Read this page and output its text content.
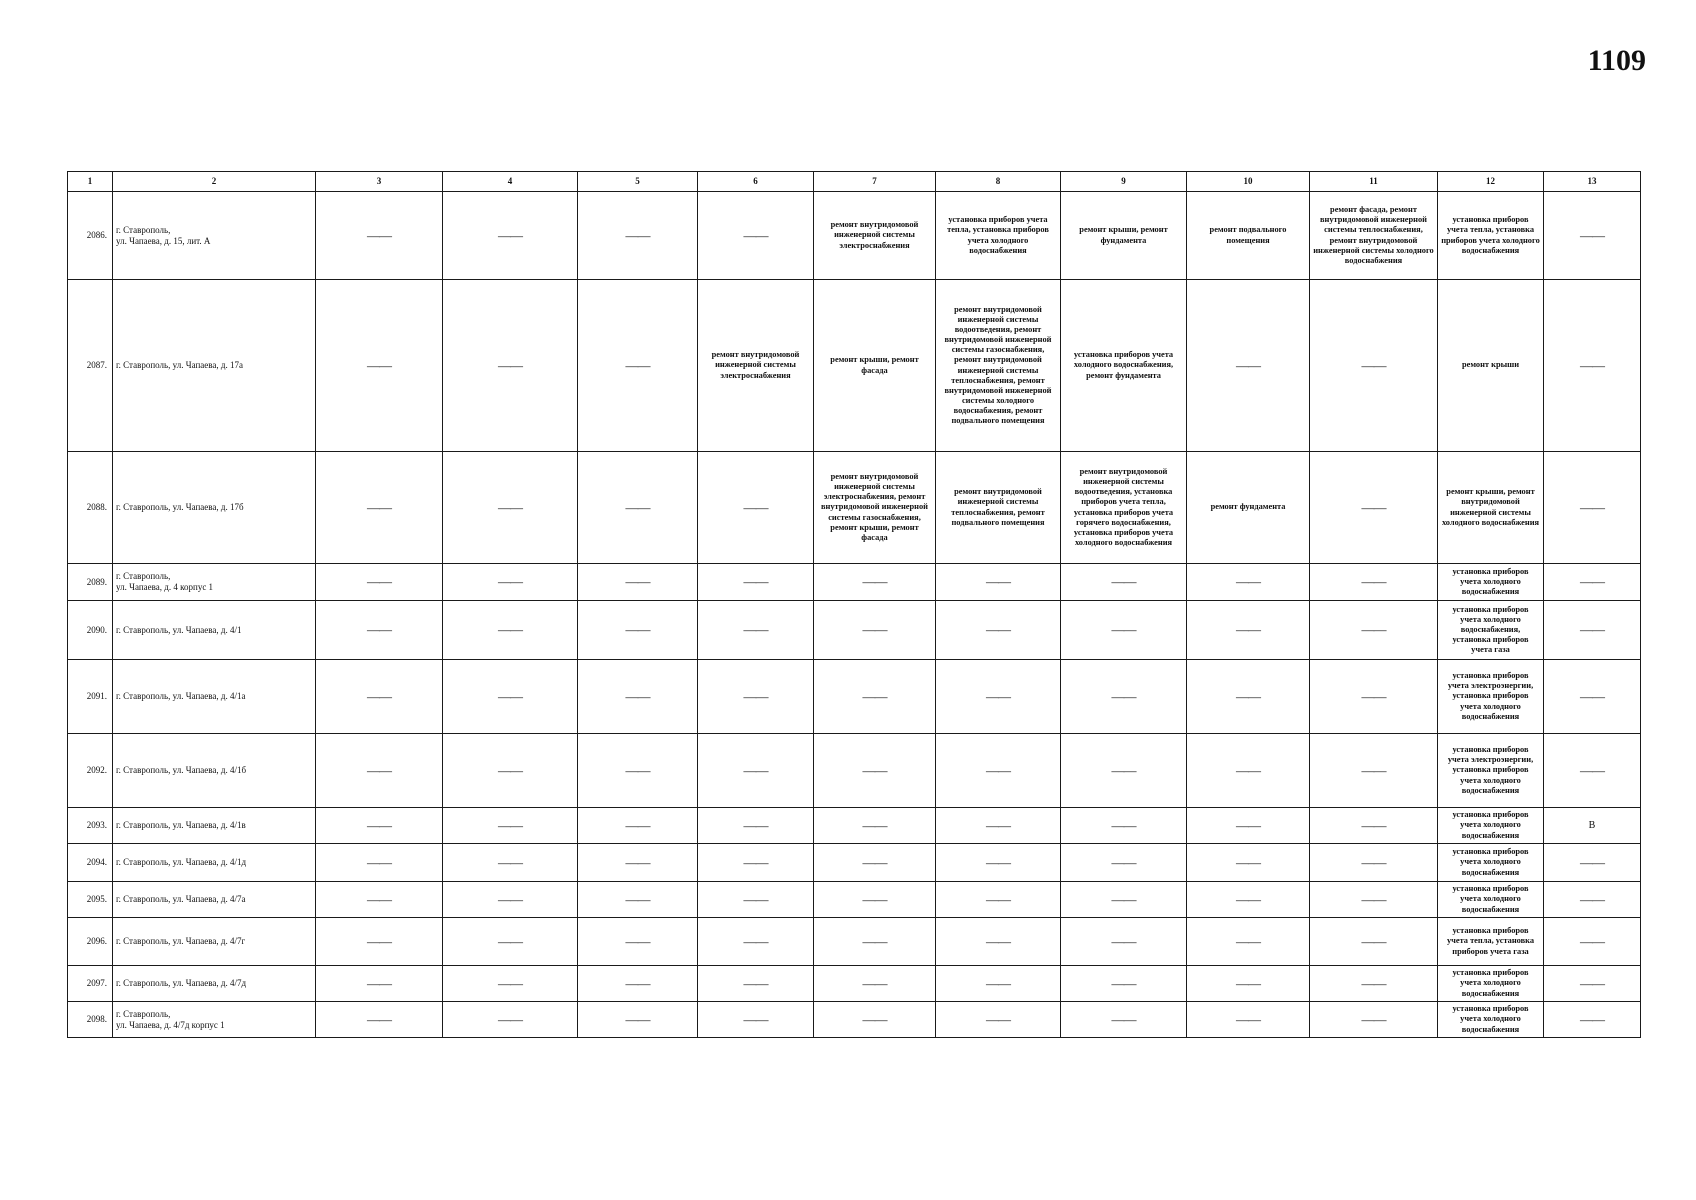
1109
1	2	3	4	5	6	7	8	9	10	11	12	13
2086.	г. Ставрополь,
ул. Чапаева, д. 15, лит. А	——	——	——	——	ремонт внутридомовой инженерной системы электроснабжения	установка приборов учета тепла, установка приборов учета холодного водоснабжения	ремонт крыши, ремонт фундамента	ремонт подвального помещения	ремонт фасада, ремонт внутридомовой инженерной системы теплоснабжения, ремонт внутридомовой инженерной системы холодного водоснабжения	установка приборов учета тепла, установка приборов учета холодного водоснабжения	——
2087.	г. Ставрополь, ул. Чапаева, д. 17а	——	——	——	ремонт внутридомовой инженерной системы электроснабжения	ремонт крыши, ремонт фасада	ремонт внутридомовой инженерной системы водоотведения, ремонт внутридомовой инженерной системы газоснабжения, ремонт внутридомовой инженерной системы теплоснабжения, ремонт внутридомовой инженерной системы холодного водоснабжения, ремонт подвального помещения	установка приборов учета холодного водоснабжения, ремонт фундамента	——	——	ремонт крыши	——
2088.	г. Ставрополь, ул. Чапаева, д. 17б	——	——	——	——	ремонт внутридомовой инженерной системы электроснабжения, ремонт внутридомовой инженерной системы газоснабжения, ремонт крыши, ремонт фасада	ремонт внутридомовой инженерной системы теплоснабжения, ремонт подвального помещения	ремонт внутридомовой инженерной системы водоотведения, установка приборов учета тепла, установка приборов учета горячего водоснабжения, установка приборов учета холодного водоснабжения	ремонт фундамента	——	ремонт крыши, ремонт внутридомовой инженерной системы холодного водоснабжения	——
2089.	г. Ставрополь,
ул. Чапаева, д. 4 корпус 1	——	——	——	——	——	——	——	——	——	установка приборов учета холодного водоснабжения	——
2090.	г. Ставрополь, ул. Чапаева, д. 4/1	——	——	——	——	——	——	——	——	——	установка приборов учета холодного водоснабжения, установка приборов учета газа	——
2091.	г. Ставрополь, ул. Чапаева, д. 4/1а	——	——	——	——	——	——	——	——	——	установка приборов учета электроэнергии, установка приборов учета холодного водоснабжения	——
2092.	г. Ставрополь, ул. Чапаева, д. 4/1б	——	——	——	——	——	——	——	——	——	установка приборов учета электроэнергии, установка приборов учета холодного водоснабжения	——
2093.	г. Ставрополь, ул. Чапаева, д. 4/1в	——	——	——	——	——	——	——	——	——	установка приборов учета холодного водоснабжения	В
2094.	г. Ставрополь, ул. Чапаева, д. 4/1д	——	——	——	——	——	——	——	——	——	установка приборов учета холодного водоснабжения	——
2095.	г. Ставрополь, ул. Чапаева, д. 4/7а	——	——	——	——	——	——	——	——	——	установка приборов учета холодного водоснабжения	——
2096.	г. Ставрополь, ул. Чапаева, д. 4/7г	——	——	——	——	——	——	——	——	——	установка приборов учета тепла, установка приборов учета газа	——
2097.	г. Ставрополь, ул. Чапаева, д. 4/7д	——	——	——	——	——	——	——	——	——	установка приборов учета холодного водоснабжения	——
2098.	г. Ставрополь,
ул. Чапаева, д. 4/7д корпус 1	——	——	——	——	——	——	——	——	——	установка приборов учета холодного водоснабжения	——
